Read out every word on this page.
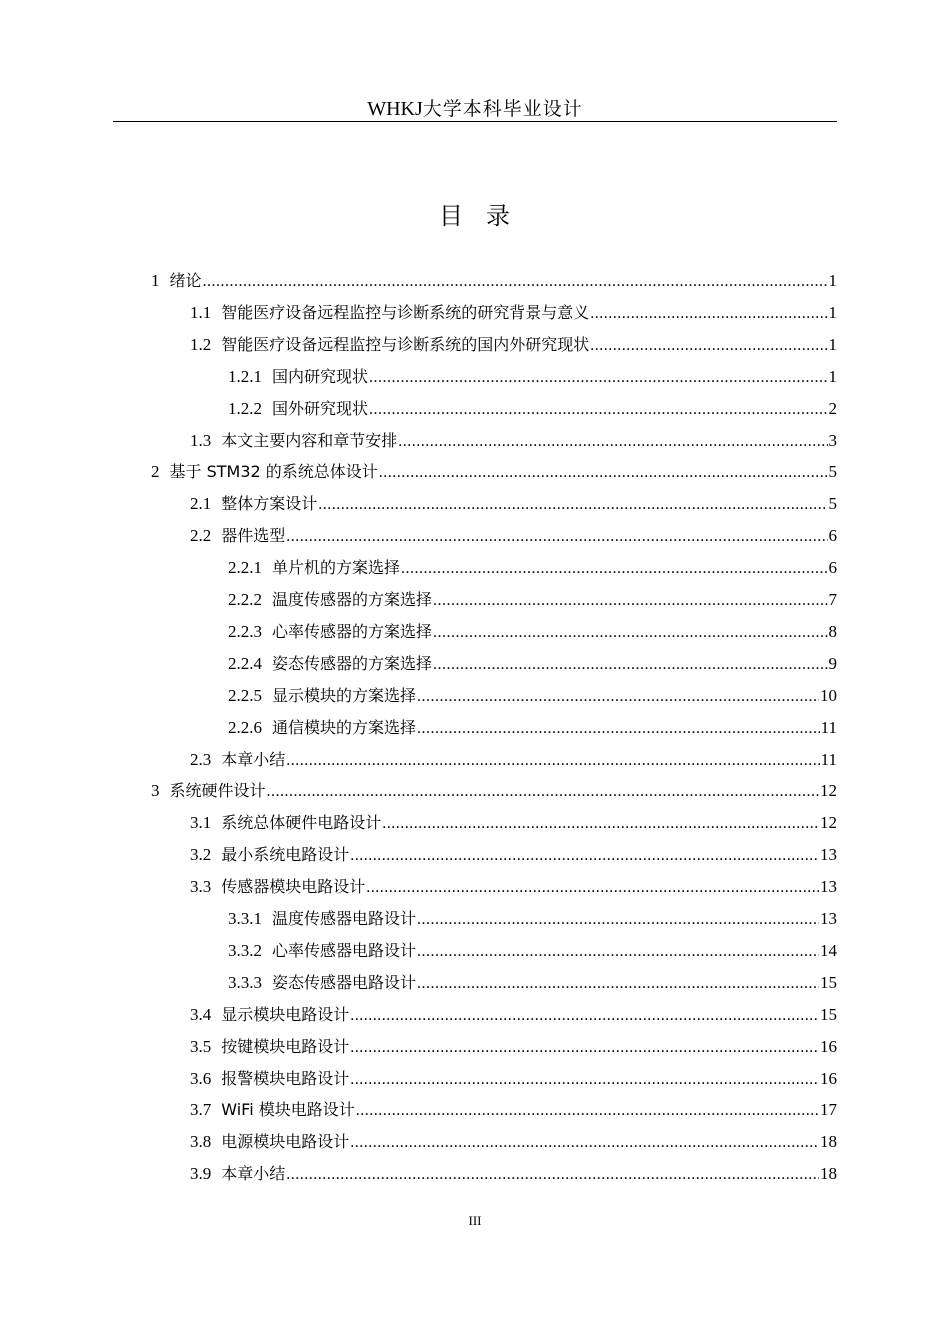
WHKJ大学本科毕业设计
目 录
1 绪论 .....	1
1.1 智能医疗设备远程监控与诊断系统的研究背景与意义 .....	1
1.2 智能医疗设备远程监控与诊断系统的国内外研究现状 .....	1
1.2.1 国内研究现状 .....	1
1.2.2 国外研究现状 .....	2
1.3 本文主要内容和章节安排 .....	3
2 基于 STM32 的系统总体设计 .....	5
2.1 整体方案设计 .....	5
2.2 器件选型 .....	6
2.2.1 单片机的方案选择 .....	6
2.2.2 温度传感器的方案选择 .....	7
2.2.3 心率传感器的方案选择 .....	8
2.2.4 姿态传感器的方案选择 .....	9
2.2.5 显示模块的方案选择 .....	10
2.2.6 通信模块的方案选择 .....	11
2.3 本章小结 .....	11
3 系统硬件设计 .....	12
3.1 系统总体硬件电路设计 .....	12
3.2 最小系统电路设计 .....	13
3.3 传感器模块电路设计 .....	13
3.3.1 温度传感器电路设计 .....	13
3.3.2 心率传感器电路设计 .....	14
3.3.3 姿态传感器电路设计 .....	15
3.4 显示模块电路设计 .....	15
3.5 按键模块电路设计 .....	16
3.6 报警模块电路设计 .....	16
3.7 WiFi 模块电路设计 .....	17
3.8 电源模块电路设计 .....	18
3.9 本章小结 .....	18
III
